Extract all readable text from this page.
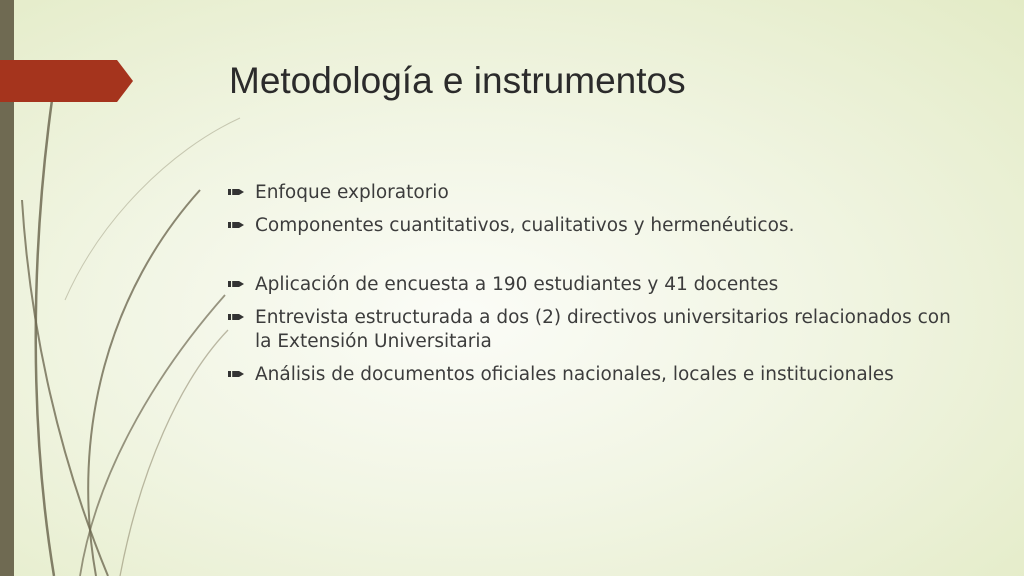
Metodología e instrumentos
Enfoque exploratorio
Componentes cuantitativos, cualitativos y hermenéuticos.
Aplicación de encuesta a 190 estudiantes y 41 docentes
Entrevista estructurada a dos (2) directivos universitarios relacionados con la Extensión Universitaria
Análisis de documentos oficiales nacionales, locales e institucionales
